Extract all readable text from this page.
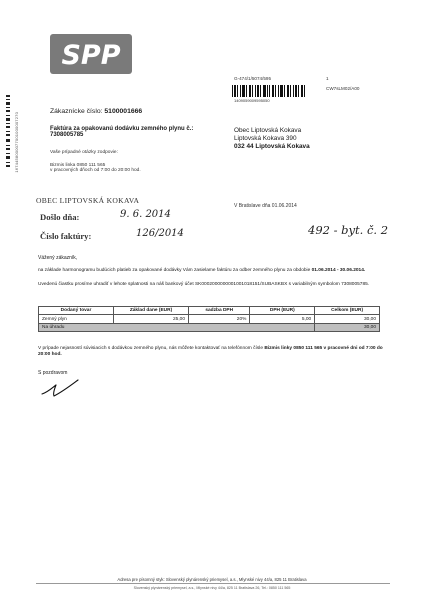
SPP
1674458000077001000007270
G-474/1/5074/595	1
1409059009595050
CW7sLM02/A00
Zákaznícke číslo: 5100001666
Faktúra za opakovanú dodávku zemného plynu č.:
7308005785
Vaše prípadné otázky zodpovie:
Bizmis linka 0850 111 565
v pracovných dňoch od 7:00 do 20:00 hod.
Obec Liptovská Kokava
Liptovská Kokava 390
032 44 Liptovská Kokava
OBEC LIPTOVSKÁ KOKAVA
Došlo dňa:	9. 6. 2014
Číslo faktúry:	126/2014
V Bratislave dňa 01.06.2014
492 - byt. č. 2
Vážený zákazník,
na základe harmonogramu budúcich platieb za opakované dodávky Vám zasielame faktúru za odber zemného plynu za obdobie 01.06.2014 - 30.06.2014.
Uvedenú čiastku prosíme uhradiť v lehote splatnosti na náš bankový účet SK0002000000001001018151/SUBASKBX s variabilným symbolom 7308005785.
Dodaný tovar	Základ dane (EUR)	sadzba DPH	DPH (EUR)	Celkom (EUR)
Zemný plyn	25,00	20%	5,00	30,00
Na úhradu				30,00
V prípade nejasností súvisiacich s dodávkou zemného plynu, nás môžete kontaktovať na telefónnom čísle Bizmis linky 0850 111 565 v pracovné dni od 7:00 do 20:00 hod.
S pozdravom
Adresa pre písomný styk: Slovenský plynárenský priemysel, a.s., Mlynské nivy 44/a, 825 11 Bratislava
Slovenský plynárenský priemysel, a.s., Mlynské nivy 44/a, 825 11 Bratislava 26, Tel.: 0850 111 565
